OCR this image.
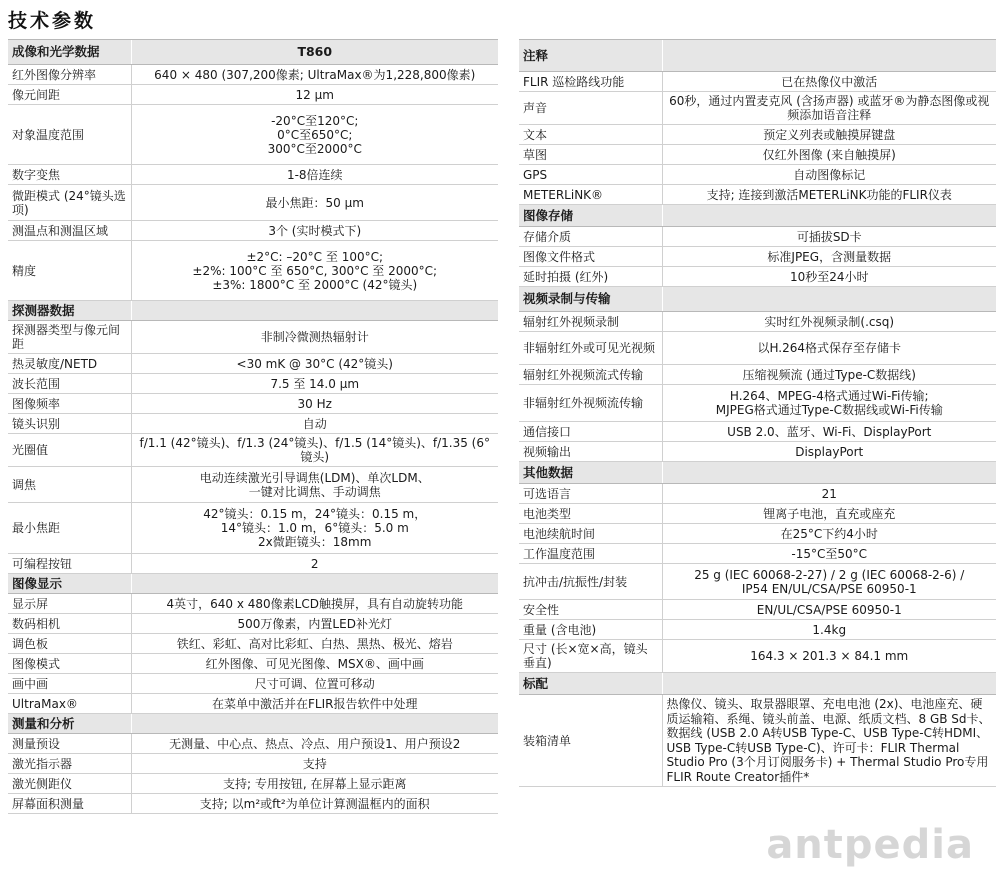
技术参数
成像和光学数据	T860
红外图像分辨率	640 × 480 (307,200像素; UltraMax®为1,228,800像素)
像元间距	12 μm
对象温度范围	-20°C至120°C;
0°C至650°C;
300°C至2000°C
数字变焦	1-8倍连续
微距模式 (24°镜头选项)	最小焦距：50 μm
测温点和测温区域	3个 (实时模式下)
精度	±2°C: –20°C 至 100°C;
±2%: 100°C 至 650°C, 300°C 至 2000°C;
±3%: 1800°C 至 2000°C (42°镜头)
探测器数据	
探测器类型与像元间距	非制冷微测热辐射计
热灵敏度/NETD	<30 mK @ 30°C (42°镜头)
波长范围	7.5 至 14.0 μm
图像频率	30 Hz
镜头识别	自动
光圈值	f/1.1 (42°镜头)、f/1.3 (24°镜头)、f/1.5 (14°镜头)、f/1.35 (6°镜头)
调焦	电动连续激光引导调焦(LDM)、单次LDM、
一键对比调焦、手动调焦
最小焦距	42°镜头：0.15 m，24°镜头：0.15 m，
14°镜头：1.0 m，6°镜头：5.0 m
2x微距镜头：18mm
可编程按钮	2
图像显示	
显示屏	4英寸，640 x 480像素LCD触摸屏，具有自动旋转功能
数码相机	500万像素，内置LED补光灯
调色板	铁红、彩虹、高对比彩虹、白热、黑热、极光、熔岩
图像模式	红外图像、可见光图像、MSX®、画中画
画中画	尺寸可调、位置可移动
UltraMax®	在菜单中激活并在FLIR报告软件中处理
测量和分析	
测量预设	无测量、中心点、热点、冷点、用户预设1、用户预设2
激光指示器	支持
激光侧距仪	支持; 专用按钮, 在屏幕上显示距离
屏幕面积测量	支持; 以m²或ft²为单位计算测温框内的面积
注释	
FLIR 巡检路线功能	已在热像仪中激活
声音	60秒，通过内置麦克风 (含扬声器) 或蓝牙®为静态图像或视频添加语音注释
文本	预定义列表或触摸屏键盘
草图	仅红外图像 (来自触摸屏)
GPS	自动图像标记
METERLiNK®	支持; 连接到激活METERLiNK功能的FLIR仪表
图像存储	
存储介质	可插拔SD卡
图像文件格式	标准JPEG，含测量数据
延时拍摄 (红外)	10秒至24小时
视频录制与传输	
辐射红外视频录制	实时红外视频录制(.csq)
非辐射红外或可见光视频	以H.264格式保存至存储卡
辐射红外视频流式传输	压缩视频流 (通过Type-C数据线)
非辐射红外视频流传输	H.264、MPEG-4格式通过Wi-Fi传输;
MJPEG格式通过Type-C数据线或Wi-Fi传输
通信接口	USB 2.0、蓝牙、Wi-Fi、DisplayPort
视频输出	DisplayPort
其他数据	
可选语言	21
电池类型	锂离子电池，直充或座充
电池续航时间	在25°C下约4小时
工作温度范围	-15°C至50°C
抗冲击/抗振性/封装	25 g (IEC 60068-2-27) / 2 g (IEC 60068-2-6) /
IP54 EN/UL/CSA/PSE 60950-1
安全性	EN/UL/CSA/PSE 60950-1
重量 (含电池)	1.4kg
尺寸 (长×宽×高，镜头垂直)	164.3 × 201.3 × 84.1 mm
标配	
装箱清单	热像仪、镜头、取景器眼罩、充电电池 (2x)、电池座充、硬质运输箱、系绳、镜头前盖、电源、纸质文档、8 GB Sd卡、数据线 (USB 2.0 A转USB Type-C、USB Type-C转HDMI、USB Type-C转USB Type-C)、许可卡：FLIR Thermal Studio Pro (3个月订阅服务卡) + Thermal Studio Pro专用FLIR Route Creator插件*
antpedia
